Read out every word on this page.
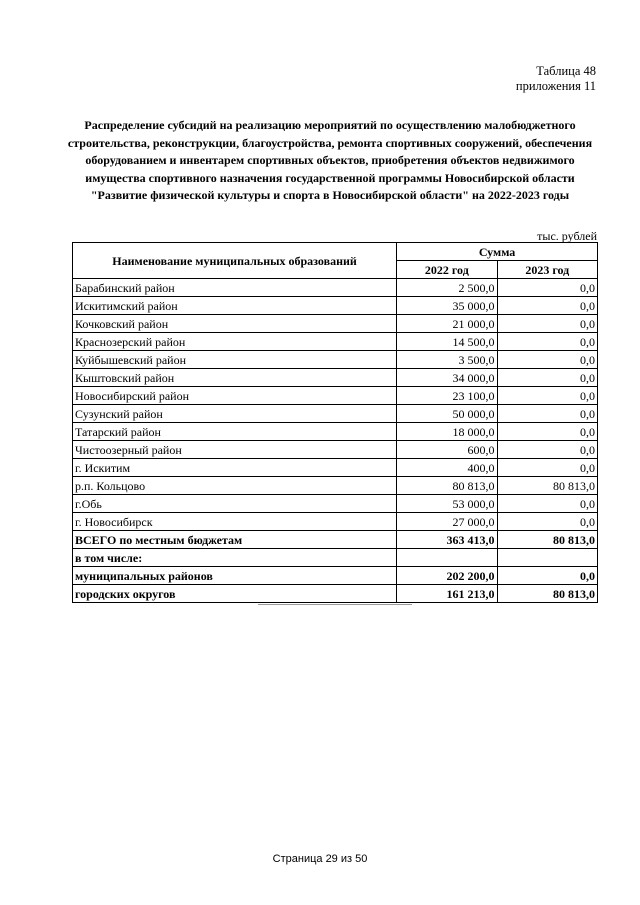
Таблица 48
приложения 11
Распределение субсидий на реализацию мероприятий по осуществлению малобюджетного строительства, реконструкции, благоустройства, ремонта спортивных сооружений, обеспечения оборудованием и инвентарем спортивных объектов, приобретения объектов недвижимого имущества спортивного назначения государственной программы Новосибирской области "Развитие физической культуры и спорта в Новосибирской области" на 2022-2023 годы
тыс. рублей
Наименование муниципальных образований	Сумма	
	2022 год	2023 год
Барабинский район	2 500,0	0,0
Искитимский район	35 000,0	0,0
Кочковский район	21 000,0	0,0
Краснозерский район	14 500,0	0,0
Куйбышевский район	3 500,0	0,0
Кыштовский район	34 000,0	0,0
Новосибирский район	23 100,0	0,0
Сузунский район	50 000,0	0,0
Татарский район	18 000,0	0,0
Чистоозерный район	600,0	0,0
г. Искитим	400,0	0,0
р.п. Кольцово	80 813,0	80 813,0
г.Обь	53 000,0	0,0
г. Новосибирск	27 000,0	0,0
ВСЕГО по местным бюджетам	363 413,0	80 813,0
в том числе:		
муниципальных районов	202 200,0	0,0
городских округов	161 213,0	80 813,0
Страница 29 из 50
